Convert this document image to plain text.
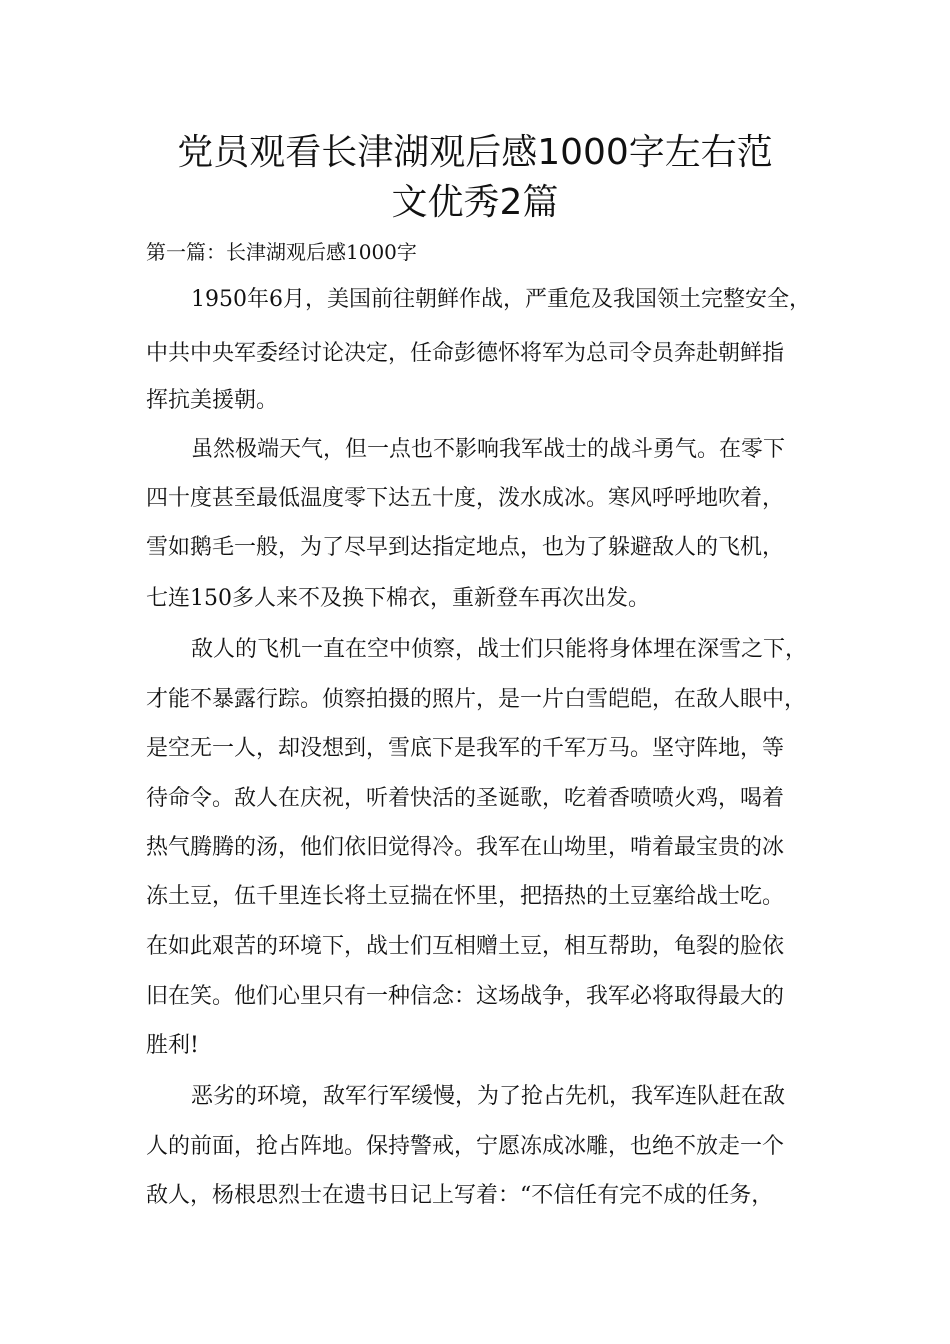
党员观看长津湖观后感1000字左右范
文优秀2篇

第一篇：长津湖观后感1000字

1950年6月，美国前往朝鲜作战，严重危及我国领土完整安全，

中共中央军委经讨论决定，任命彭德怀将军为总司令员奔赴朝鲜指

挥抗美援朝。

虽然极端天气，但一点也不影响我军战士的战斗勇气。在零下

四十度甚至最低温度零下达五十度，泼水成冰。寒风呼呼地吹着，

雪如鹅毛一般，为了尽早到达指定地点，也为了躲避敌人的飞机，

七连150多人来不及换下棉衣，重新登车再次出发。

敌人的飞机一直在空中侦察，战士们只能将身体埋在深雪之下，

才能不暴露行踪。侦察拍摄的照片，是一片白雪皑皑，在敌人眼中，

是空无一人，却没想到，雪底下是我军的千军万马。坚守阵地，等

待命令。敌人在庆祝，听着快活的圣诞歌，吃着香喷喷火鸡，喝着

热气腾腾的汤，他们依旧觉得冷。我军在山坳里，啃着最宝贵的冰

冻土豆，伍千里连长将土豆揣在怀里，把捂热的土豆塞给战士吃。

在如此艰苦的环境下，战士们互相赠土豆，相互帮助，龟裂的脸依

旧在笑。他们心里只有一种信念：这场战争，我军必将取得最大的

胜利!

恶劣的环境，敌军行军缓慢，为了抢占先机，我军连队赶在敌

人的前面，抢占阵地。保持警戒，宁愿冻成冰雕，也绝不放走一个

敌人，杨根思烈士在遗书日记上写着：“不信任有完不成的任务，
